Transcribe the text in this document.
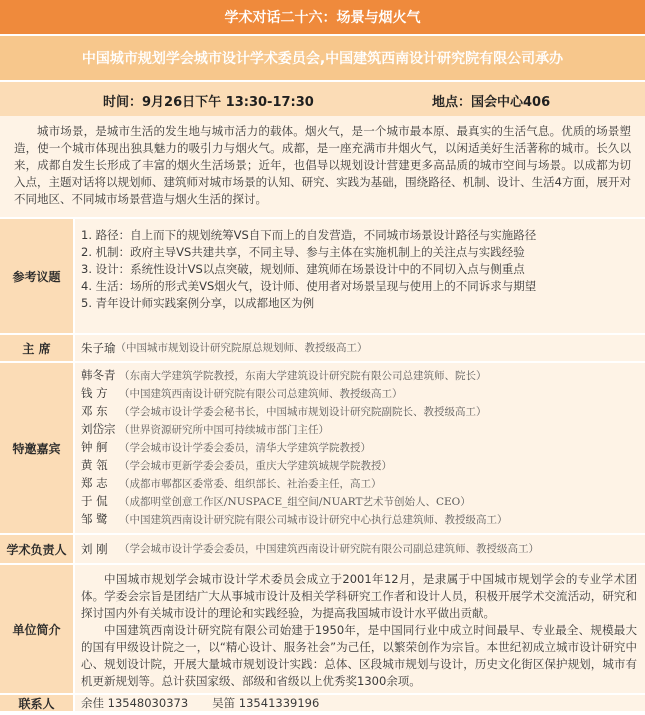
学术对话二十六：场景与烟火气
中国城市规划学会城市设计学术委员会,中国建筑西南设计研究院有限公司承办
时间：9月26日下午 13:30-17:30	地点：国会中心406
城市场景，是城市生活的发生地与城市活力的载体。烟火气，是一个城市最本原、最真实的生活气息。优质的场景塑造，使一个城市体现出独具魅力的吸引力与烟火气。成都，是一座充满市井烟火气，以闲适美好生活著称的城市。长久以来，成都自发生长形成了丰富的烟火生活场景；近年，也倡导以规划设计营建更多高品质的城市空间与场景。以成都为切入点，主题对话将以规划师、建筑师对城市场景的认知、研究、实践为基础，围绕路径、机制、设计、生活4方面，展开对不同地区、不同城市场景营造与烟火生活的探讨。
参考议题
1. 路径：自上而下的规划统筹VS自下而上的自发营造，不同城市场景设计路径与实施路径
2. 机制：政府主导VS共建共享，不同主导、参与主体在实施机制上的关注点与实践经验
3. 设计：系统性设计VS以点突破，规划师、建筑师在场景设计中的不同切入点与侧重点
4. 生活：场所的形式美VS烟火气，设计师、使用者对场景呈现与使用上的不同诉求与期望
5. 青年设计师实践案例分享，以成都地区为例
主 席	朱子瑜 （中国城市规划设计研究院原总规划师、教授级高工）
特邀嘉宾
韩冬青 （东南大学建筑学院教授，东南大学建筑设计研究院有限公司总建筑师、院长）
钱 方 （中国建筑西南设计研究院有限公司总建筑师、教授级高工）
邓 东 （学会城市设计学委会秘书长，中国城市规划设计研究院副院长、教授级高工）
刘岱宗 （世界资源研究所中国可持续城市部门主任）
钟 舸 （学会城市设计学委会委员，清华大学建筑学院教授）
黄 瓴 （学会城市更新学委会委员，重庆大学建筑城规学院教授）
郑 志 （成都市郫都区委常委、组织部长、社治委主任，高工）
于 侃 （成都明堂创意工作区/NUSPACE_组空间/NUART艺术节创始人、CEO）
邹 鹭 （中国建筑西南设计研究院有限公司城市设计研究中心执行总建筑师、教授级高工）
学术负责人	刘 刚	（学会城市设计学委会委员，中国建筑西南设计研究院有限公司副总建筑师、教授级高工）
单位简介

中国城市规划学会城市设计学术委员会成立于2001年12月，是隶属于中国城市规划学会的专业学术团体。学委会宗旨是团结广大从事城市设计及相关学科研究工作者和设计人员，积极开展学术交流活动，研究和探讨国内外有关城市设计的理论和实践经验，为提高我国城市设计水平做出贡献。

中国建筑西南设计研究院有限公司始建于1950年，是中国同行业中成立时间最早、专业最全、规模最大的国有甲级设计院之一，以“精心设计、服务社会”为己任，以繁荣创作为宗旨。本世纪初成立城市设计研究中心、规划设计院，开展大量城市规划设计实践：总体、区段城市规划与设计，历史文化街区保护规划，城市有机更新规划等。总计获国家级、部级和省级以上优秀奖1300余项。

联系人	余佳 13548030373 吴笛 13541339196
